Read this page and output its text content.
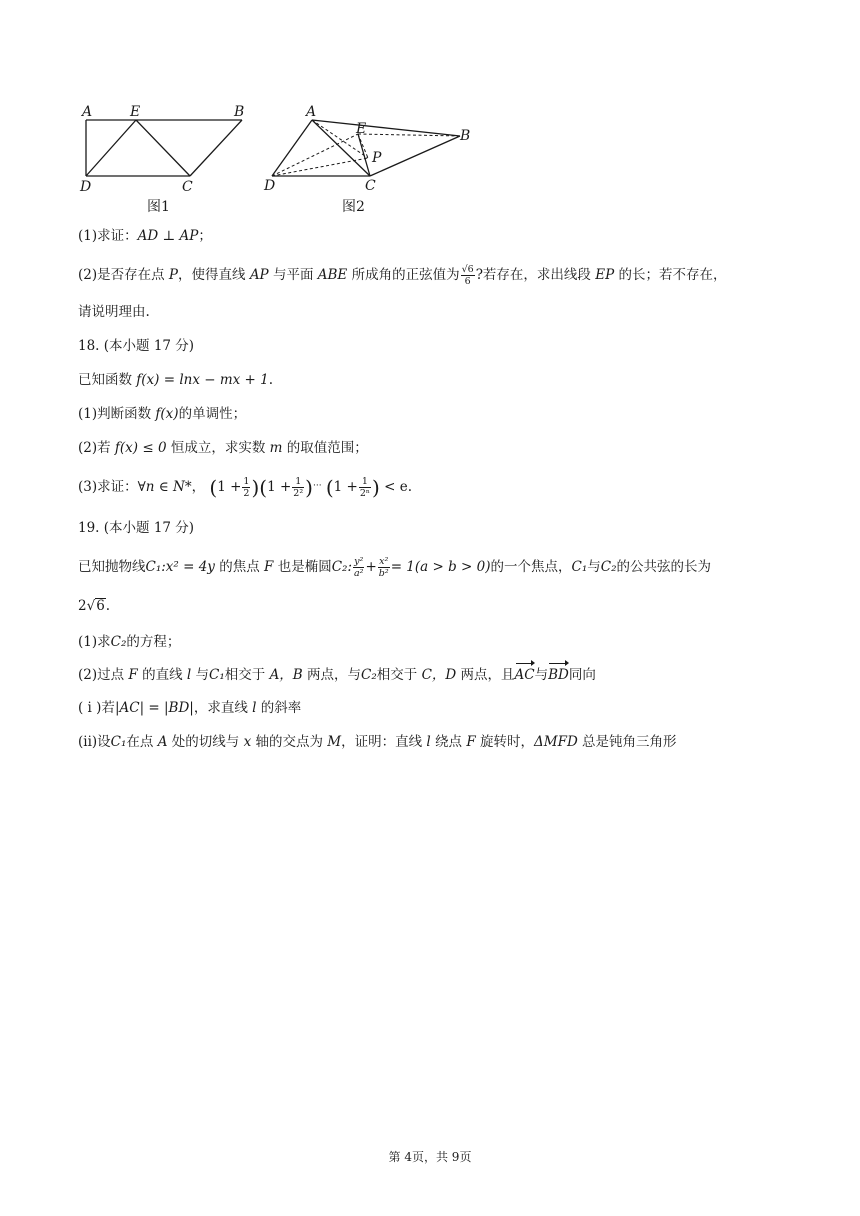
A	E	B
D	C
图1
A
E	B
P
D	C
图2
(1)求证：AD ⊥ AP；
(2)是否存在点 P，使得直线 AP 与平面 ABE 所成角的正弦值为 $\frac{√6}{6}$ ?若存在，求出线段 EP 的长；若不存在，
请说明理由.
18. (本小题 17 分)
已知函数 f(x) = lnx − mx + 1.
(1)判断函数 f(x)的单调性；
(2)若 f(x) ≤ 0 恒成立，求实数 m 的取值范围；
(3)求证：∀n ∈ N*， $(1 + \frac{1}{2} )(1 + \frac{1}{\text{2²}} )^{\cdot\cdot\cdot}$ ($1 + \frac{1}{\text{2ⁿ}}$ ) < e.
19. (本小题 17 分)
已知抛物线C₁:x² = 4y 的焦点 F 也是椭圆C₂: $\frac{\text{y²}}{\text{a²}} + \frac{\text{x²}}{\text{b²}} = 1(a > b > 0)$的一个焦点，C₁与C₂的公共弦的长为
2√6.
(1)求C₂的方程；
(2)过点 F 的直线 l 与C₁相交于 A，B 两点，与C₂相交于 C，D 两点，且AC与BD同向
( i )若|AC| = |BD|，求直线 l 的斜率
(ii)设C₁在点 A 处的切线与 x 轴的交点为 M，证明：直线 l 绕点 F 旋转时，ΔMFD 总是钝角三角形
第 4页，共 9页
